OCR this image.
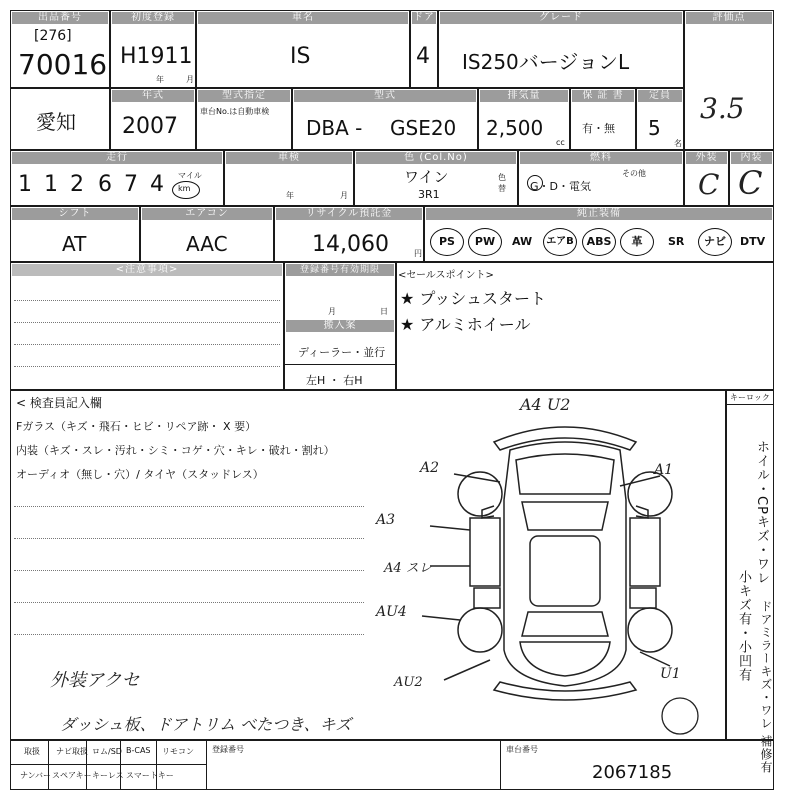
出品番号
[276]
70016
初度登録
H1911
年	月
車名
IS
ドア
4
グレード
IS250バージョンL
評価点
3.5
愛知
年式
2007
型式指定
車台No.は自動車検
型式
DBA - GSE20
排気量
2,500
cc
保 証 書
有・無
定員
5
名
走行
1 1 2 6 7 4 マイル
km
車検
年	月
色 (Col.No)
ワイン
3R1
色替
燃料
G・D・電気
その他
外装
C
内装
C
シフト
AT
エアコン
AAC
リサイクル預託金
14,060	円
純正装備
PS	PW	AW	エアB	ABS	革	SR	ナビ	DTV
<注意事項>	登録番号有効期限
月	日
搬入案
ディーラー・並行
左H ・ 右H
<セールスポイント>
★ プッシュスタート
★ アルミホイール
< 検査員記入欄
Fガラス（キズ・飛石・ヒビ・リペア跡・ X 要）
内装（キズ・スレ・汚れ・シミ・コゲ・穴・キレ・破れ・割れ）
オーディオ（無し・穴）/ タイヤ（スタッドレス）
外装アクセ
ダッシュ板、ドアトリム べたつき、キズ
A4 U2
A2	A1
A3
A4 スレ
AU4
AU2
U1
キーロック
ホイル・CPキズ・ワレ
小キズ有・小凹有 ドアミラーキズ・ワレ 補修有
取扱 ナビ取扱 ロム/SD B-CAS リモコン
ナンバー スペアキー キーレス スマートキー
登録番号	車台番号
2067185
